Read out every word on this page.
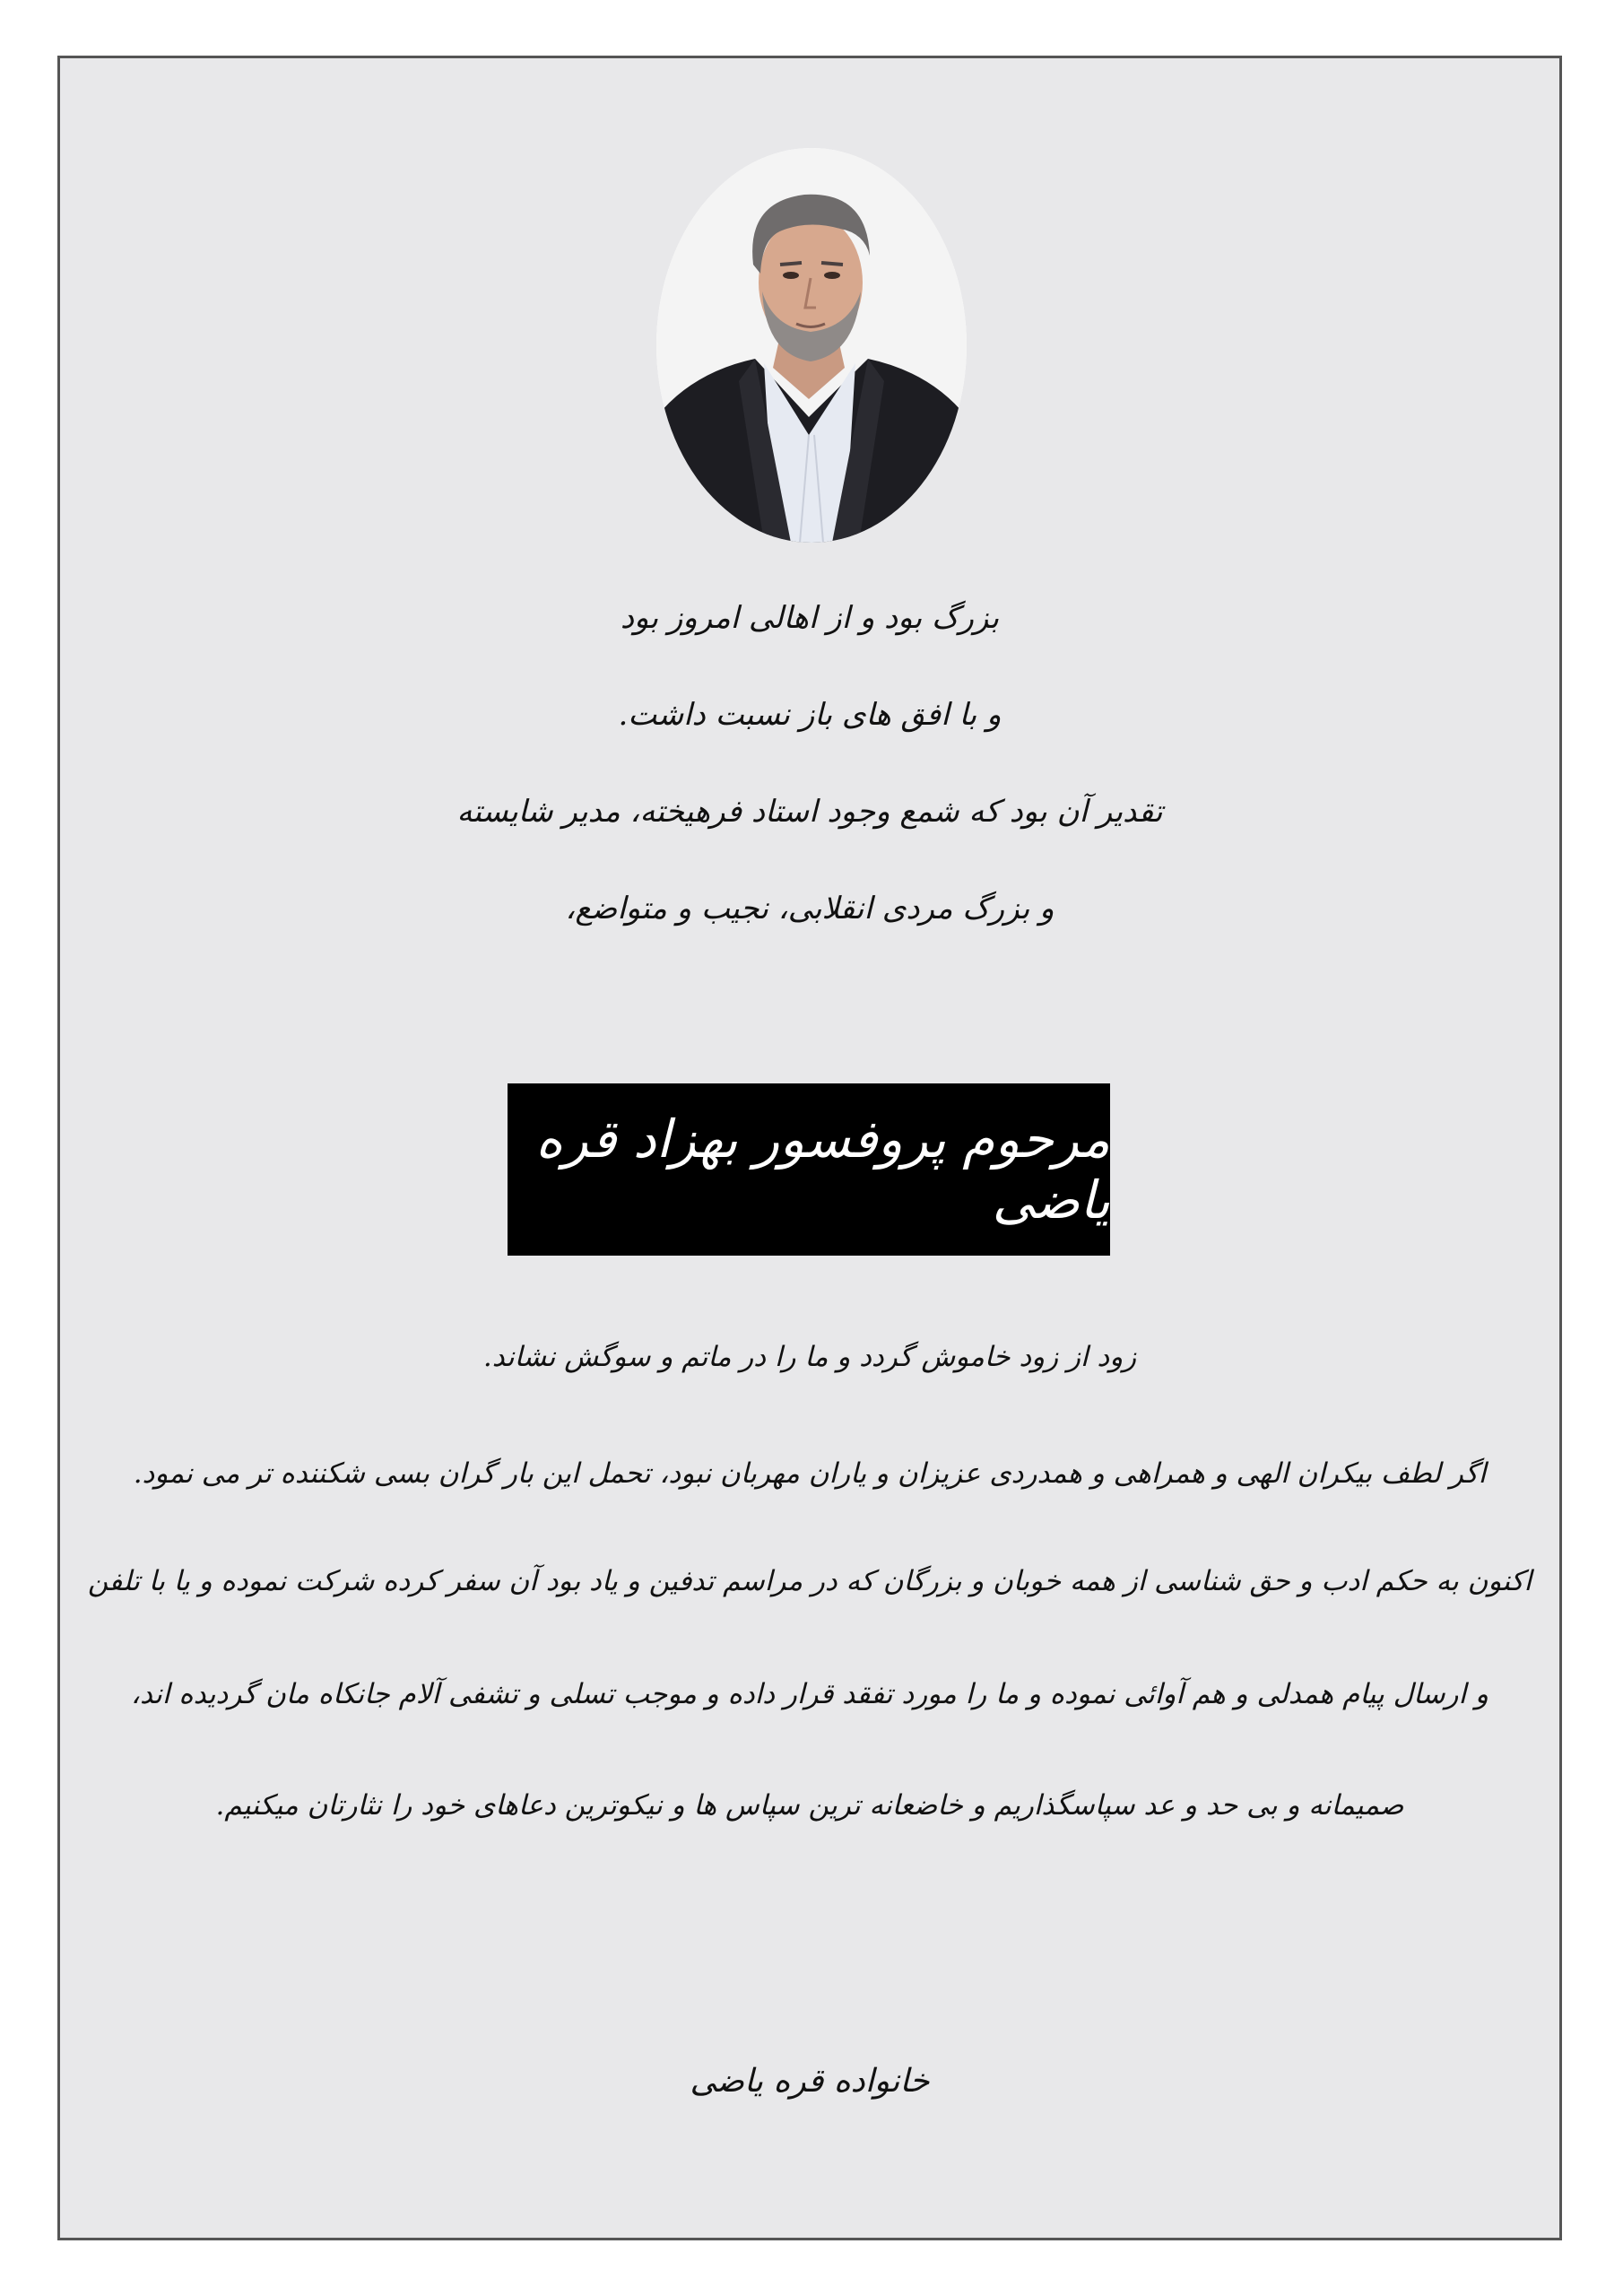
بزرگ بود و از اهالی امروز بود
و با افق های باز نسبت داشت.
تقدیر آن بود که شمع وجود استاد فرهیخته، مدیر شایسته
و بزرگ مردی انقلابی، نجیب و متواضع،
مرحوم پروفسور بهزاد قره یاضی
زود از زود خاموش گردد و ما را در ماتم و سوگش نشاند.
اگر لطف بیکران الهی و همراهی و همدردی عزیزان و یاران مهربان نبود، تحمل این بار گران بسی شکننده تر می نمود.
اکنون به حکم ادب و حق شناسی از همه خوبان و بزرگان که در مراسم تدفین و یاد بود آن سفر کرده شرکت نموده و یا با تلفن
و ارسال پیام همدلی و هم آوائی نموده و ما را مورد تفقد قرار داده و موجب تسلی و تشفی آلام جانکاه مان گردیده اند،
صمیمانه و بی حد و عد سپاسگذاریم و خاضعانه ترین سپاس ها و نیکوترین دعاهای خود را نثارتان میکنیم.
خانواده قره یاضی
